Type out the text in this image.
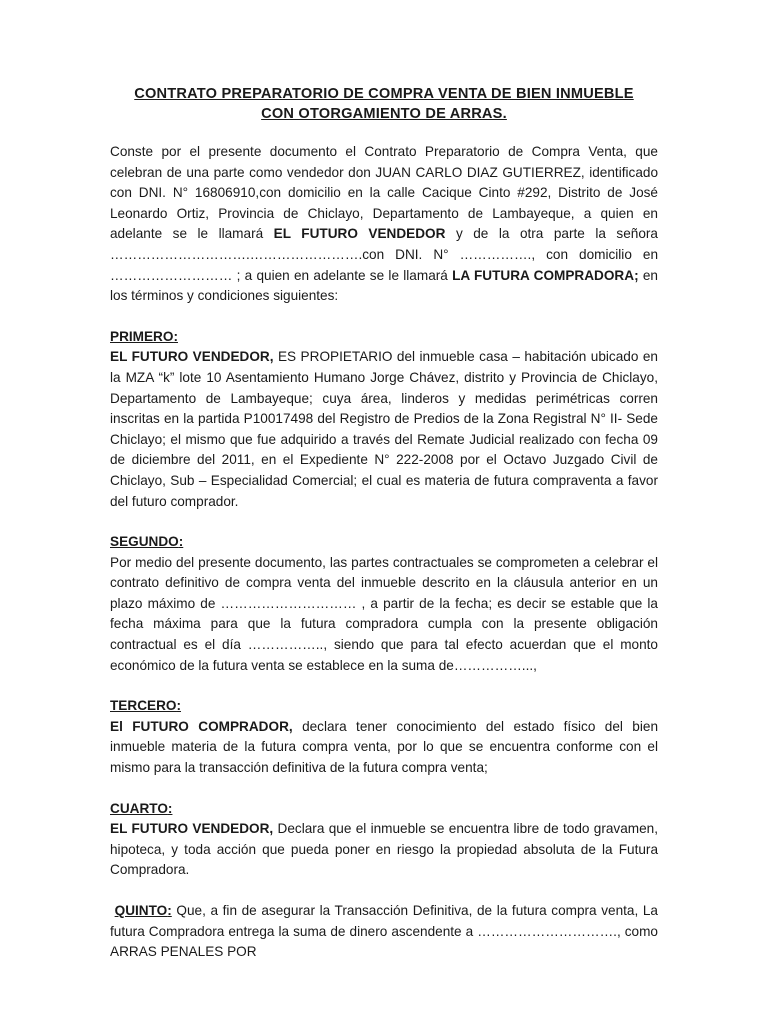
CONTRATO PREPARATORIO DE COMPRA VENTA DE BIEN INMUEBLE
CON OTORGAMIENTO DE ARRAS.

Conste por el presente documento el Contrato Preparatorio de Compra Venta, que celebran de una parte como vendedor don JUAN CARLO DIAZ GUTIERREZ, identificado con DNI. N° 16806910,con domicilio en la calle Cacique Cinto #292, Distrito de José Leonardo Ortiz, Provincia de Chiclayo, Departamento de Lambayeque, a quien en adelante se le llamará EL FUTURO VENDEDOR y de la otra parte la señora ………………………….…………………….con DNI. N° ……………., con domicilio en ……………………… ; a quien en adelante se le llamará LA FUTURA COMPRADORA; en los términos y condiciones siguientes:

PRIMERO:

EL FUTURO VENDEDOR, ES PROPIETARIO del inmueble casa – habitación ubicado en la MZA “k” lote 10 Asentamiento Humano Jorge Chávez, distrito y Provincia de Chiclayo, Departamento de Lambayeque; cuya área, linderos y medidas perimétricas corren inscritas en la partida P10017498 del Registro de Predios de la Zona Registral N° II- Sede Chiclayo; el mismo que fue adquirido a través del Remate Judicial realizado con fecha 09 de diciembre del 2011, en el Expediente N° 222-2008 por el Octavo Juzgado Civil de Chiclayo, Sub – Especialidad Comercial; el cual es materia de futura compraventa a favor del futuro comprador.

SEGUNDO:

Por medio del presente documento, las partes contractuales se comprometen a celebrar el contrato definitivo de compra venta del inmueble descrito en la cláusula anterior en un plazo máximo de ………………………… , a partir de la fecha; es decir se estable que la fecha máxima para que la futura compradora cumpla con la presente obligación contractual es el día …………….., siendo que para tal efecto acuerdan que el monto económico de la futura venta se establece en la suma de……………...,

TERCERO:

El FUTURO COMPRADOR, declara tener conocimiento del estado físico del bien inmueble materia de la futura compra venta, por lo que se encuentra conforme con el mismo para la transacción definitiva de la futura compra venta;

CUARTO:

EL FUTURO VENDEDOR, Declara que el inmueble se encuentra libre de todo gravamen, hipoteca, y toda acción que pueda poner en riesgo la propiedad absoluta de la Futura Compradora.

QUINTO: Que, a fin de asegurar la Transacción Definitiva, de la futura compra venta, La futura Compradora entrega la suma de dinero ascendente a …………………………., como ARRAS PENALES POR
